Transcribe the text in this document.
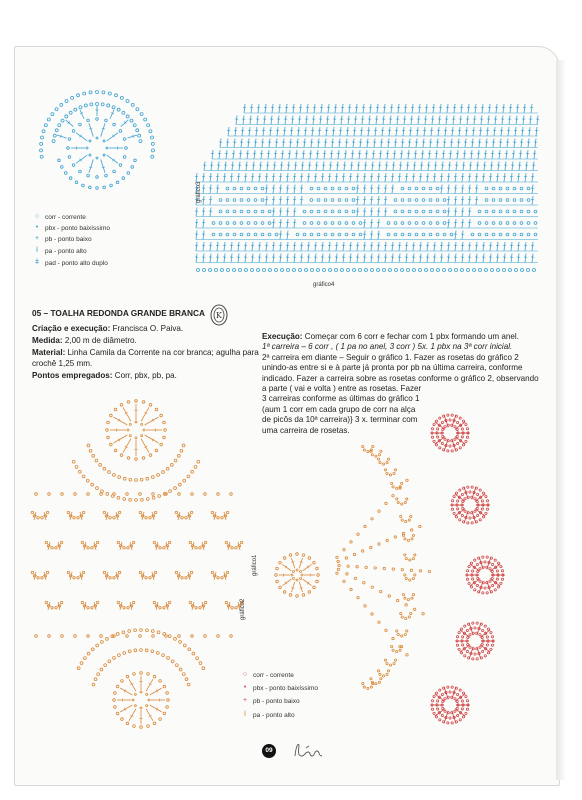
gráfico3
gráfico4
○ corr - corrente
•	pbx - ponto baixíssimo
+ pb - ponto baixo
ƚ	pa - ponto alto
ǂ pad - ponto alto duplo
05 – TOALHA REDONDA GRANDE BRANCA K
Criação e execução: Francisca O. Paiva.
Medida: 2,00 m de diâmetro.
Material: Linha Camila da Corrente na cor branca; agulha para
crochê 1,25 mm.
Pontos empregados: Corr, pbx, pb, pa.
Execução: Começar com 6 corr e fechar com 1 pbx formando um anel.
1ª carreira – 6 corr , ( 1 pa no anel, 3 corr ) 5x. 1 pbx na 3ª corr inicial.
2ª carreira em diante – Seguir o gráfico 1. Fazer as rosetas do gráfico 2
unindo-as entre si e à parte já pronta por pb na última carreira, conforme
indicado. Fazer a carreira sobre as rosetas conforme o gráfico 2, observando
a parte ( vai e volta ) entre as rosetas. Fazer
3 carreiras conforme as últimas do gráfico 1
(aum 1 corr em cada grupo de corr na alça
de picôs da 10ª carreira)} 3 x. terminar com
uma carreira de rosetas.
gráfico1
gráfico2
○ corr - corrente
•	pbx - ponto baixíssimo
+ pb - ponto baixo
ƚ	pa - ponto alto
09
